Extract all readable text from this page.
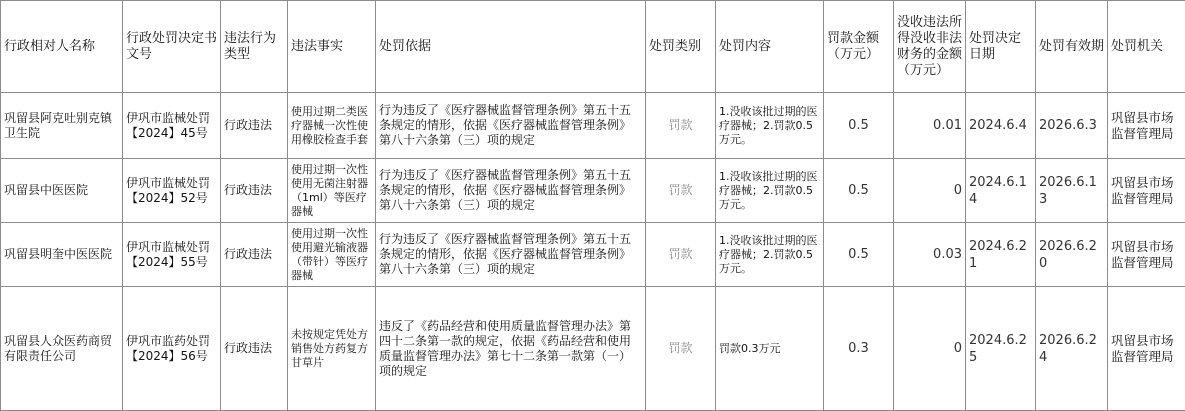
行政相对人名称	行政处罚决定书文号	违法行为类型	违法事实	处罚依据	处罚类别	处罚内容	罚款金额（万元）	没收违法所得没收非法财务的金额（万元）	处罚决定日期	处罚有效期	处罚机关
巩留县阿克吐别克镇卫生院	伊巩市监械处罚【2024】45号	行政违法	使用过期二类医疗器械一次性使用橡胶检查手套	行为违反了《医疗器械监督管理条例》第五十五条规定的情形，依据《医疗器械监督管理条例》第八十六条第（三）项的规定	罚款	1.没收该批过期的医疗器械；2.罚款0.5万元。	0.5	0.01	2024.6.4	2026.6.3	巩留县市场监督管理局
巩留县中医医院	伊巩市监械处罚【2024】52号	行政违法	使用过期一次性使用无菌注射器（1ml）等医疗器械	行为违反了《医疗器械监督管理条例》第五十五条规定的情形，依据《医疗器械监督管理条例》第八十六条第（三）项的规定	罚款	1.没收该批过期的医疗器械；2.罚款0.5万元。	0.5	0	2024.6.14	2026.6.13	巩留县市场监督管理局
巩留县明奎中医医院	伊巩市监械处罚【2024】55号	行政违法	使用过期一次性使用避光输液器（带针）等医疗器械	行为违反了《医疗器械监督管理条例》第五十五条规定的情形，依据《医疗器械监督管理条例》第八十六条第（三）项的规定	罚款	1.没收该批过期的医疗器械；2.罚款0.5万元。	0.5	0.03	2024.6.21	2026.6.20	巩留县市场监督管理局
巩留县人众医药商贸有限责任公司	伊巩市监药处罚【2024】56号	行政违法	未按规定凭处方销售处方药复方甘草片	违反了《药品经营和使用质量监督管理办法》第四十二条第一款的规定，依据《药品经营和使用质量监督管理办法》第七十二条第一款第（一）项的规定	罚款	罚款0.3万元	0.3	0	2024.6.25	2026.6.24	巩留县市场监督管理局
